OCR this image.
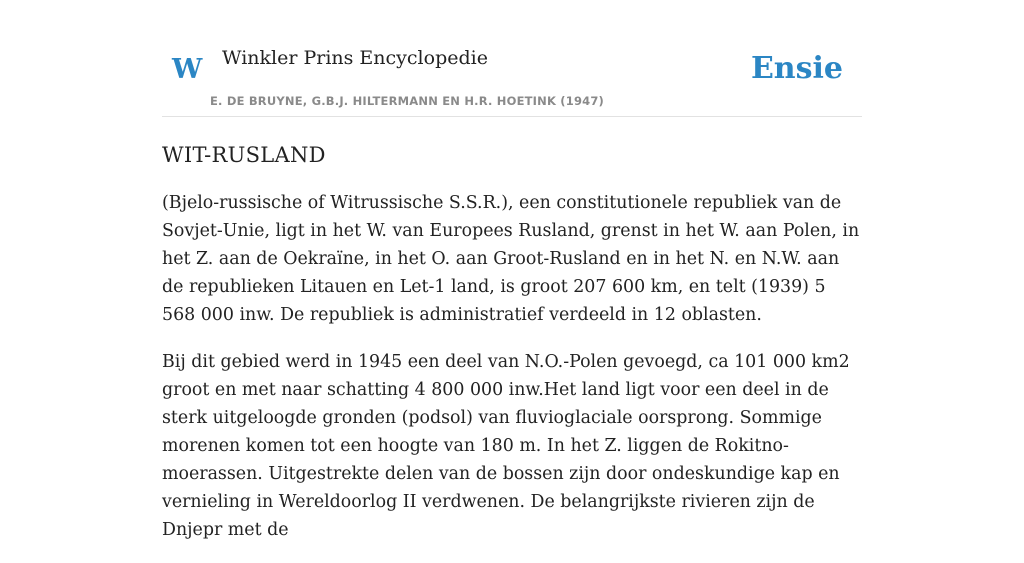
W Winkler Prins Encyclopedie
E. DE BRUYNE, G.B.J. HILTERMANN EN H.R. HOETINK (1947)
Ensie
WIT-RUSLAND

(Bjelo-russische of Witrussische S.S.R.), een constitutionele republiek van de Sovjet-Unie, ligt in het W. van Europees Rusland, grenst in het W. aan Polen, in het Z. aan de Oekraïne, in het O. aan Groot-Rusland en in het N. en N.W. aan de republieken Litauen en Let-1 land, is groot 207 600 km, en telt (1939) 5 568 000 inw. De republiek is administratief verdeeld in 12 oblasten.

Bij dit gebied werd in 1945 een deel van N.O.-Polen gevoegd, ca 101 000 km2 groot en met naar schatting 4 800 000 inw.Het land ligt voor een deel in de sterk uitgeloogde gronden (podsol) van fluvioglaciale oorsprong. Sommige morenen komen tot een hoogte van 180 m. In het Z. liggen de Rokitno-moerassen. Uitgestrekte delen van de bossen zijn door ondeskundige kap en vernieling in Wereldoorlog II verdwenen. De belangrijkste rivieren zijn de Dnjepr met de
